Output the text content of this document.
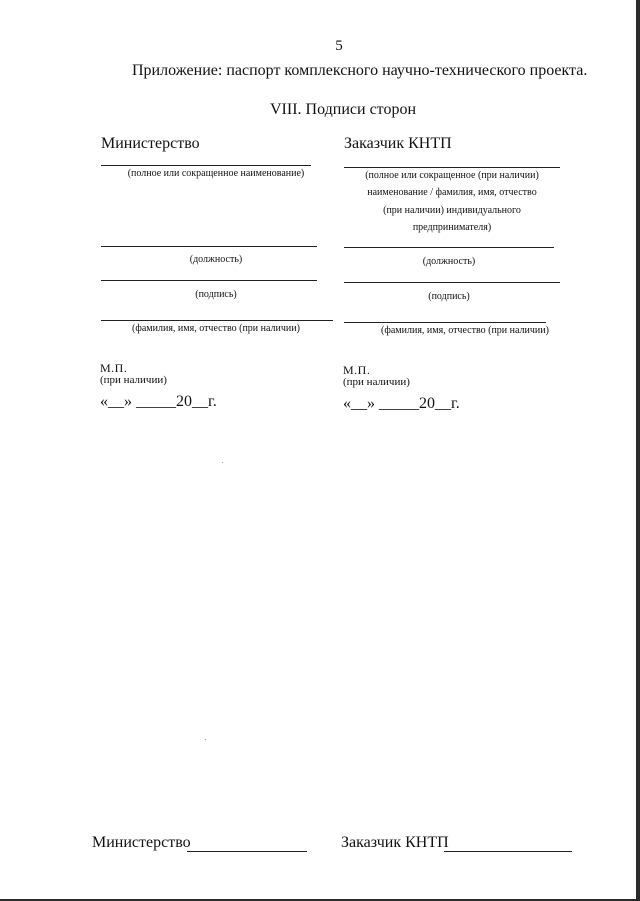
5
Приложение: паспорт комплексного научно-технического проекта.
VIII. Подписи сторон
Министерство
(полное или сокращенное наименование)
(должность)
(подпись)
(фамилия, имя, отчество (при наличии)
М.П.
(при наличии)
«__» _____20__г.
Заказчик КНТП
(полное или сокращенное (при наличии)
наименование / фамилия, имя, отчество
(при наличии) индивидуального
предпринимателя)
(должность)
(подпись)
(фамилия, имя, отчество (при наличии)
М.П.
(при наличии)
«__» _____20__г.
Министерство	Заказчик КНТП
